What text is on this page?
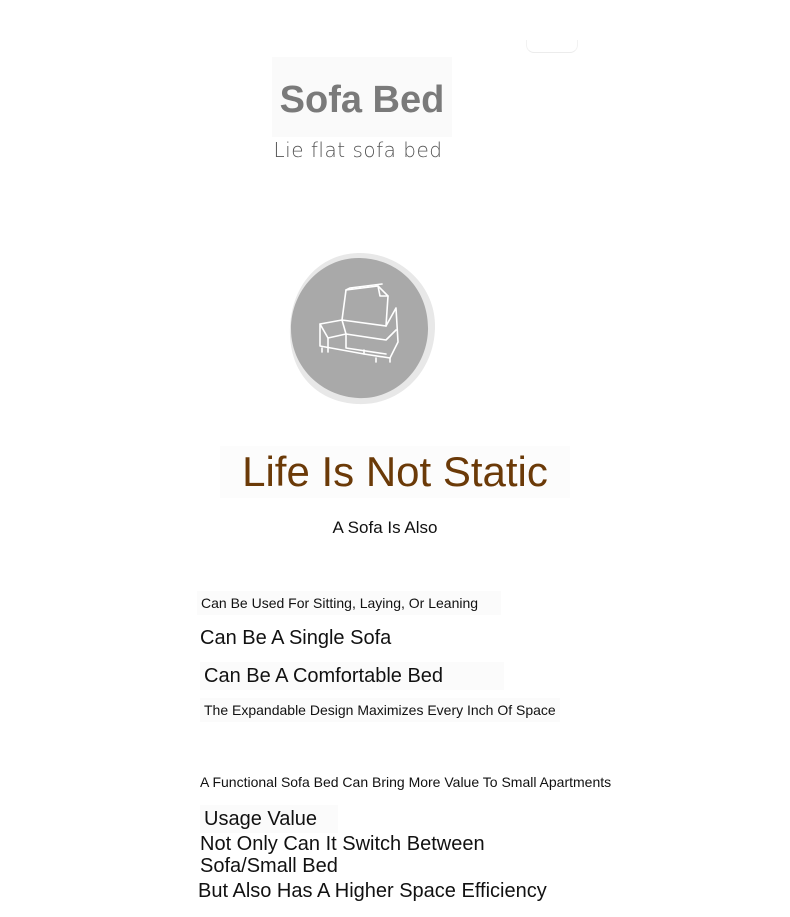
Sofa Bed
Lie flat sofa bed
Life Is Not Static
A Sofa Is Also
Can Be Used For Sitting, Laying, Or Leaning
Can Be A Single Sofa
Can Be A Comfortable Bed
The Expandable Design Maximizes Every Inch Of Space
A Functional Sofa Bed Can Bring More Value To Small Apartments
Usage Value
Not Only Can It Switch Between Sofa/Small Bed
But Also Has A Higher Space Efficiency
